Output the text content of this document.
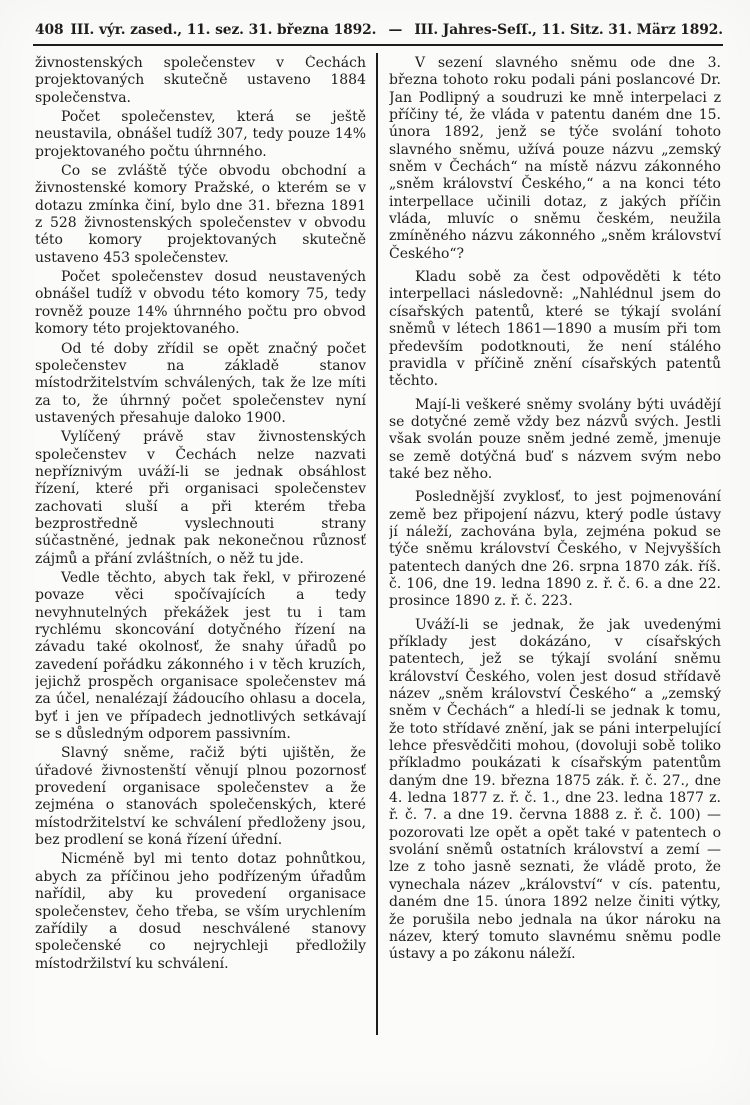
408 III. výr. zased., 11. sez. 31. března 1892. — III. Jahres-Seſſ., 11. Sitz. 31. März 1892.

živnostenských společenstev v Čechách projektovaných skutečně ustaveno 1884 společenstva.

Počet společenstev, která se ještě neustavila, obnášel tudíž 307, tedy pouze 14% projektovaného počtu úhrnného.

Co se zvláště týče obvodu obchodní a živnostenské komory Pražské, o kterém se v dotazu zmínka činí, bylo dne 31. března 1891 z 528 živnostenských společenstev v obvodu této komory projektovaných skutečně ustaveno 453 společenstev.

Počet společenstev dosud neustavených obnášel tudíž v obvodu této komory 75, tedy rovněž pouze 14% úhrnného počtu pro obvod komory této projektovaného.

Od té doby zřídil se opět značný počet společenstev na základě stanov místodržitelstvím schválených, tak že lze míti za to, že úhrnný počet společenstev nyní ustavených přesahuje daloko 1900.

Vylíčený právě stav živnostenských společenstev v Čechách nelze nazvati nepříznivým uváží-li se jednak obsáhlost řízení, které při organisaci společenstev zachovati sluší a při kterém třeba bezprostředně vyslechnouti strany súčastněné, jednak pak nekonečnou různosť zájmů a přání zvláštních, o něž tu jde.

Vedle těchto, abych tak řekl, v přirozené povaze věci spočívajících a tedy nevyhnutelných překážek jest tu i tam rychlému skoncování dotyčného řízení na závadu také okolnosť, že snahy úřadů po zavedení pořádku zákonného i v těch kruzích, jejichž prospěch organisace společenstev má za účel, nenalézají žádoucího ohlasu a docela, byť i jen ve případech jednotlivých setkávají se s důsledným odporem passivním.

Slavný sněme, račiž býti ujištěn, že úřadové živnostenští věnují plnou pozornosť provedení organisace společenstev a že zejména o stanovách společenských, které místodržitelství ke schválení předloženy jsou, bez prodlení se koná řízení úřední.

Nicméně byl mi tento dotaz pohnůtkou, abych za příčinou jeho podřízeným úřadům nařídil, aby ku provedení organisace společenstev, čeho třeba, se vším urychlením zařídily a dosud neschválené stanovy společenské co nejrychleji předložily místodržilství ku schválení.

V sezení slavného sněmu ode dne 3. března tohoto roku podali páni poslancové Dr. Jan Podlipný a soudruzi ke mně interpelaci z příčiny té, že vláda v patentu daném dne 15. února 1892, jenž se týče svolání tohoto slavného sněmu, užívá pouze názvu „zemský sněm v Čechách“ na místě názvu zákonného „sněm království Českého,“ a na konci této interpellace učinili dotaz, z jakých příčin vláda, mluvíc o sněmu českém, neužila zmíněného názvu zákonného „sněm království Českého“?

Kladu sobě za čest odpověděti k této interpellaci následovně: „Nahlédnul jsem do císařských patentů, které se týkají svolání sněmů v létech 1861—1890 a musím při tom především podotknouti, že není stálého pravidla v příčině znění císařských patentů těchto.

Mají-li veškeré sněmy svolány býti uvádějí se dotyčné země vždy bez názvů svých. Jestli však svolán pouze sněm jedné země, jmenuje se země dotýčná buď s názvem svým nebo také bez něho.

Poslednější zvyklosť, to jest pojmenování země bez připojení názvu, který podle ústavy jí náleží, zachována byla, zejména pokud se týče sněmu království Českého, v Nejvyšších patentech daných dne 26. srpna 1870 zák. říš. č. 106, dne 19. ledna 1890 z. ř. č. 6. a dne 22. prosince 1890 z. ř. č. 223.

Uváží-li se jednak, že jak uvedenými příklady jest dokázáno, v císařských patentech, jež se týkají svolání sněmu království Českého, volen jest dosud střídavě název „sněm království Českého“ a „zemský sněm v Čechách“ a hledí-li se jednak k tomu, že toto střídavé znění, jak se páni interpelující lehce přesvědčiti mohou, (dovoluji sobě toliko příkladmo poukázati k císařským patentům daným dne 19. března 1875 zák. ř. č. 27., dne 4. ledna 1877 z. ř. č. 1., dne 23. ledna 1877 z. ř. č. 7. a dne 19. června 1888 z. ř. č. 100) — pozorovati lze opět a opět také v patentech o svolání sněmů ostatních království a zemí — lze z toho jasně seznati, že vládě proto, že vynechala název „království“ v cís. patentu, daném dne 15. února 1892 nelze činiti výtky, že porušila nebo jednala na úkor nároku na název, který tomuto slavnému sněmu podle ústavy a po zákonu náleží.
